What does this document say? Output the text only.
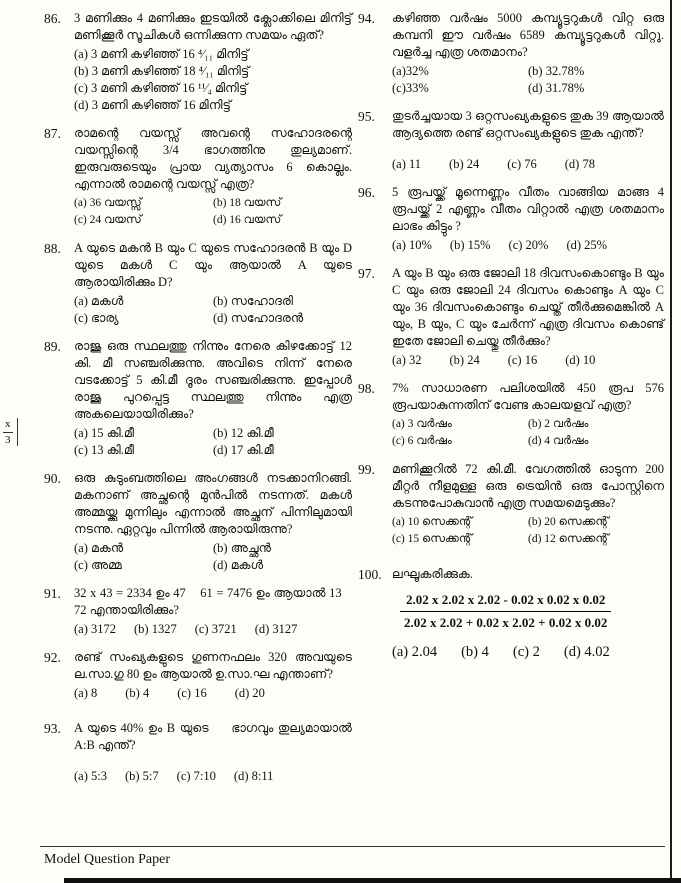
x
3
86.	3 മണിക്കും 4 മണിക്കും ഇടയിൽ ക്ലോക്കിലെ മിനിട്ട് മണിക്കൂർ സൂചികൾ ഒന്നിക്കുന്ന സമയം ഏത്?
(a) 3 മണി കഴിഞ്ഞ് 16 ⁴⁄₁₁ മിനിട്ട്
(b) 3 മണി കഴിഞ്ഞ് 18 ⁴⁄₁₁ മിനിട്ട്
(c) 3 മണി കഴിഞ്ഞ് 16 ¹¹⁄₄ മിനിട്ട്
(d) 3 മണി കഴിഞ്ഞ് 16 മിനിട്ട്
87.	രാമന്റെ വയസ്സ് അവന്റെ സഹോദരന്റെ വയസ്സിന്റെ 3/4 ഭാഗത്തിനു തുല്യമാണ്. ഇരുവരുടെയും പ്രായ വ്യത്യാസം 6 കൊല്ലം. എന്നാൽ രാമന്റെ വയസ്സ് എത്ര?
(a) 36 വയസ്സ്	(b) 18 വയസ്
(c) 24 വയസ്	(d) 16 വയസ്
88.	A യുടെ മകൻ B യും C യുടെ സഹോദരൻ B യും D യുടെ മകൾ C യും ആയാൽ A യുടെ ആരായിരിക്കും D?
(a) മകൾ	(b) സഹോദരി
(c) ഭാര്യ	(d) സഹോദരൻ
89.	രാജു ഒരു സ്ഥലത്തു നിന്നും നേരെ കിഴക്കോട്ട് 12 കി. മീ സഞ്ചരിക്കുന്നു. അവിടെ നിന്ന് നേരെ വടക്കോട്ട് 5 കി.മീ ദൂരം സഞ്ചരിക്കുന്നു. ഇപ്പോൾ രാജു പുറപ്പെട്ട സ്ഥലത്തു നിന്നും എത്ര അകലെയായിരിക്കും?
(a) 15 കി.മീ	(b) 12 കി.മീ
(c) 13 കി.മീ	(d) 17 കി.മീ
90.	ഒരു കുടുംബത്തിലെ അംഗങ്ങൾ നടക്കാനിറങ്ങി. മകനാണ് അച്ഛന്റെ മുൻപിൽ നടന്നത്. മകൾ അമ്മയ്ക്കു മുന്നിലും എന്നാൽ അച്ഛന് പിന്നിലുമായി നടന്നു. ഏറ്റവും പിന്നിൽ ആരായിരുന്നു?
(a) മകൻ	(b) അച്ഛൻ
(c) അമ്മ	(d) മകൾ
91.	32 x 43 = 2334 ഉം 47    61 = 7476 ഉം ആയാൽ 13    72 എന്തായിരിക്കും?
(a) 3172 (b) 1327 (c) 3721 (d) 3127
92.	രണ്ട് സംഖ്യകളുടെ ഗുണനഫലം 320 അവയുടെ ല.സാ.ഗു 80 ഉം ആയാൽ ഉ.സാ.ഘ എന്താണ്?
(a) 8 (b) 4 (c) 16 (d) 20
93.	A യുടെ 40% ഉം B യുടെ     ഭാഗവും തുല്യമായാൽ A:B എന്ത്?
(a) 5:3 (b) 5:7 (c) 7:10 (d) 8:11
94.	കഴിഞ്ഞ വർഷം 5000 കമ്പ്യൂട്ടറുകൾ വിറ്റ ഒരു കമ്പനി ഈ വർഷം 6589 കമ്പ്യൂട്ടറുകൾ വിറ്റു. വളർച്ച എത്ര ശതമാനം?
(a)32%	(b) 32.78%
(c)33%	(d) 31.78%
95.	തുടർച്ചയായ 3 ഒറ്റസംഖ്യകളുടെ തുക 39 ആയാൽ ആദ്യത്തെ രണ്ട് ഒറ്റസംഖ്യകളുടെ തുക എന്ത്?
(a) 11 (b) 24 (c) 76 (d) 78
96.	5 രൂപയ്ക്ക് മൂന്നെണ്ണം വീതം വാങ്ങിയ മാങ്ങ 4 രൂപയ്ക്ക് 2 എണ്ണം വീതം വിറ്റാൽ എത്ര ശതമാനം ലാഭം കിട്ടും ?
(a) 10% (b) 15% (c) 20% (d) 25%
97.	A യും B യും ഒരു ജോലി 18 ദിവസംകൊണ്ടും B യും C യും ഒരു ജോലി 24 ദിവസം കൊണ്ടും A യും C യും 36 ദിവസംകൊണ്ടും ചെയ്ത് തീർക്കുമെങ്കിൽ A യും, B യും, C യും ചേർന്ന് എത്ര ദിവസം കൊണ്ട് ഇതേ ജോലി ചെയ്തു തീർക്കും?
(a) 32 (b) 24 (c) 16 (d) 10
98.	7% സാധാരണ പലിശയിൽ 450 രൂപ 576 രൂപയാകുന്നതിന് വേണ്ട കാലയളവ് എത്ര?
(a) 3 വർഷം	(b) 2 വർഷം
(c) 6 വർഷം	(d) 4 വർഷം
99.	മണിക്കൂറിൽ 72 കി.മീ. വേഗത്തിൽ ഓടുന്ന 200 മീറ്റർ നീളമുള്ള ഒരു ട്രെയിൻ ഒരു പോസ്റ്റിനെ കടന്നുപോകുവാൻ എത്ര സമയമെടുക്കും?
(a) 10 സെക്കന്റ്	(b) 20 സെക്കന്റ്
(c) 15 സെക്കന്റ്	(d) 12 സെക്കന്റ്
100. ലഘൂകരിക്കുക.
$\frac{2.02 x 2.02 x 2.02 - 0.02 x 0.02 x 0.02}{2.02 x 2.02 + 0.02 x 2.02 + 0.02 x 0.02}$
(a) 2.04 (b) 4 (c) 2 (d) 4.02
Model Question Paper
